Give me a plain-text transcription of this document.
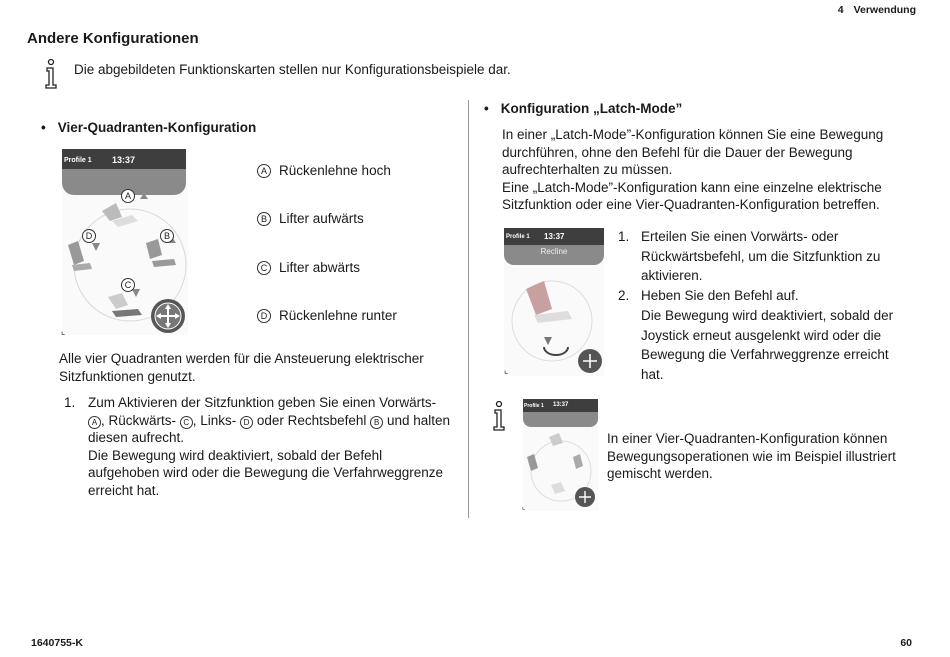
4 Verwendung
Andere Konfigurationen
Die abgebildeten Funktionskarten stellen nur Konfigurationsbeispiele dar.
• Vier-Quadranten-Konfiguration
Profile 1 13:37
A
B
C
D
⌞
A Rückenlehne hoch
B Lifter aufwärts
C Lifter abwärts
D Rückenlehne runter
Alle vier Quadranten werden für die Ansteuerung elektrischer
Sitzfunktionen genutzt.
1. Zum Aktivieren der Sitzfunktion geben Sie einen Vorwärts-
A , Rückwärts- C , Links- D oder Rechtsbefehl B und halten
diesen aufrecht.
Die Bewegung wird deaktiviert, sobald der Befehl
aufgehoben wird oder die Bewegung die Verfahrweggrenze
erreicht hat.
• Konfiguration „Latch-Mode”
In einer „Latch-Mode”-Konfiguration können Sie eine Bewegung
durchführen, ohne den Befehl für die Dauer der Bewegung
aufrechterhalten zu müssen.
Eine „Latch-Mode”-Konfiguration kann eine einzelne elektrische
Sitzfunktion oder eine Vier-Quadranten-Konfiguration betreffen.
Profile 1 13:37
Recline
⌞
1. Erteilen Sie einen Vorwärts- oder
Rückwärtsbefehl, um die Sitzfunktion zu
aktivieren.
2. Heben Sie den Befehl auf.
Die Bewegung wird deaktiviert, sobald der
Joystick erneut ausgelenkt wird oder die
Bewegung die Verfahrweggrenze erreicht
hat.
Profile 1 13:37
⌞
In einer Vier-Quadranten-Konfiguration können
Bewegungsoperationen wie im Beispiel illustriert
gemischt werden.
1640755-K	60
